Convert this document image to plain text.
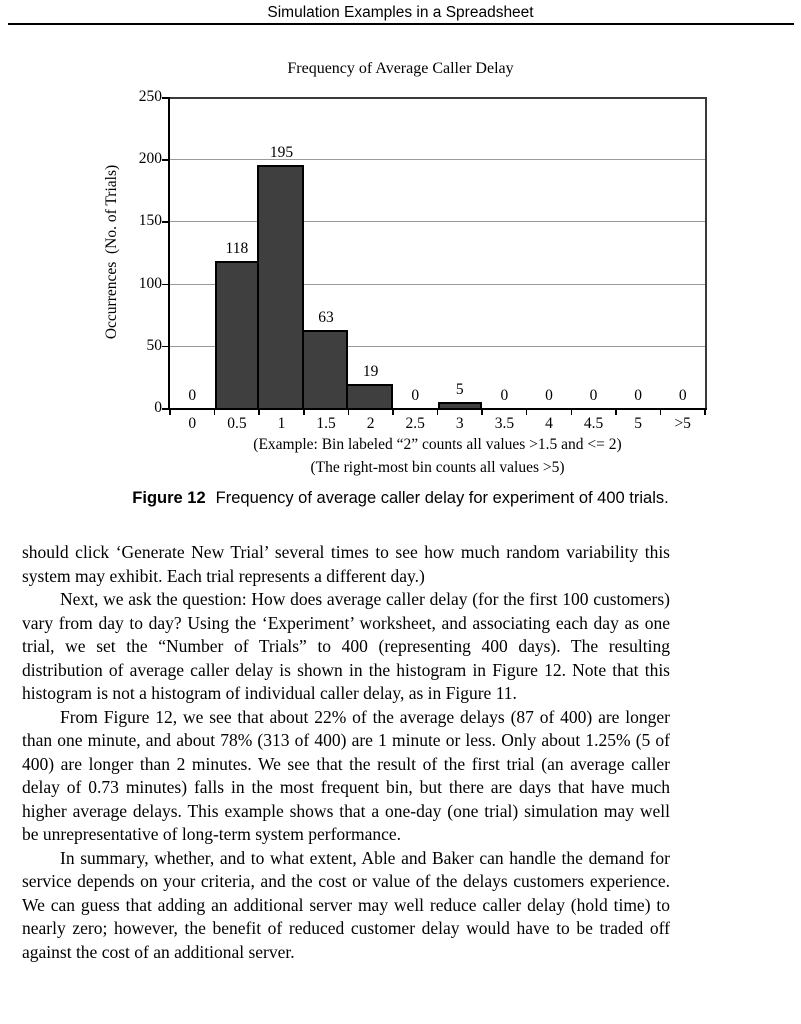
Simulation Examples in a Spreadsheet
Frequency of Average Caller Delay
Occurrences  (No. of Trials)
0
118
195
63
19
0 5 0 0 0 0 0
0
50
100
150
200
250
0 0.5 1 1.5 2 2.5 3 3.5 4 4.5 5 >5
(Example: Bin labeled “2” counts all values >1.5 and <= 2)
(The right-most bin counts all values >5)
Figure 12 Frequency of average caller delay for experiment of 400 trials.

should click ‘Generate New Trial’ several times to see how much random variability this system may exhibit. Each trial represents a different day.)

Next, we ask the question: How does average caller delay (for the first 100 customers) vary from day to day? Using the ‘Experiment’ worksheet, and associating each day as one trial, we set the “Number of Trials” to 400 (representing 400 days). The resulting distribution of average caller delay is shown in the histogram in Figure 12. Note that this histogram is not a histogram of individual caller delay, as in Figure 11.

From Figure 12, we see that about 22% of the average delays (87 of 400) are longer than one minute, and about 78% (313 of 400) are 1 minute or less. Only about 1.25% (5 of 400) are longer than 2 minutes. We see that the result of the first trial (an average caller delay of 0.73 minutes) falls in the most frequent bin, but there are days that have much higher average delays. This example shows that a one-day (one trial) simulation may well be unrepresentative of long-term system performance.

In summary, whether, and to what extent, Able and Baker can handle the demand for service depends on your criteria, and the cost or value of the delays customers experience. We can guess that adding an additional server may well reduce caller delay (hold time) to nearly zero; however, the benefit of reduced customer delay would have to be traded off against the cost of an additional server.
